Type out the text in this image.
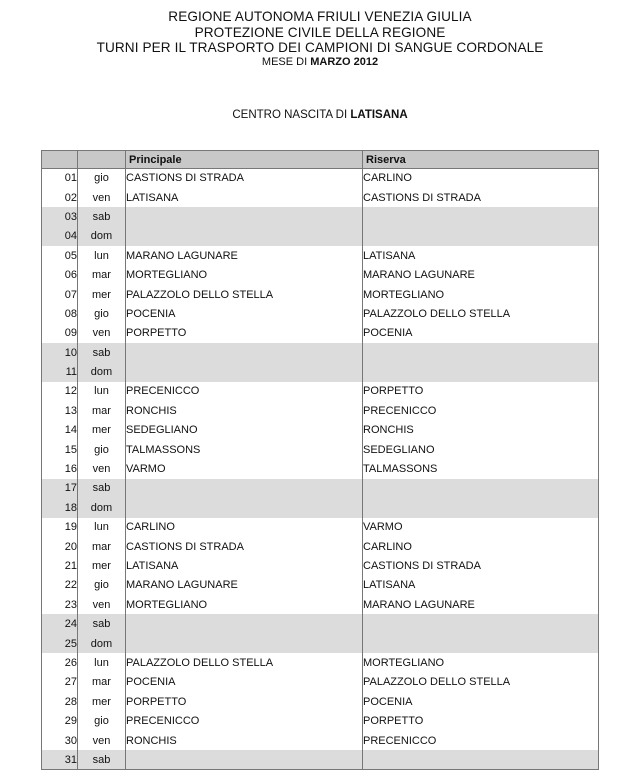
REGIONE AUTONOMA FRIULI VENEZIA GIULIA
PROTEZIONE CIVILE DELLA REGIONE
TURNI PER IL TRASPORTO DEI CAMPIONI DI SANGUE CORDONALE
MESE DI MARZO 2012
CENTRO NASCITA DI LATISANA
		Principale	Riserva
01	gio	CASTIONS DI STRADA	CARLINO
02	ven	LATISANA	CASTIONS DI STRADA
03	sab		
04	dom		
05	lun	MARANO LAGUNARE	LATISANA
06	mar	MORTEGLIANO	MARANO LAGUNARE
07	mer	PALAZZOLO DELLO STELLA	MORTEGLIANO
08	gio	POCENIA	PALAZZOLO DELLO STELLA
09	ven	PORPETTO	POCENIA
10	sab		
11	dom		
12	lun	PRECENICCO	PORPETTO
13	mar	RONCHIS	PRECENICCO
14	mer	SEDEGLIANO	RONCHIS
15	gio	TALMASSONS	SEDEGLIANO
16	ven	VARMO	TALMASSONS
17	sab		
18	dom		
19	lun	CARLINO	VARMO
20	mar	CASTIONS DI STRADA	CARLINO
21	mer	LATISANA	CASTIONS DI STRADA
22	gio	MARANO LAGUNARE	LATISANA
23	ven	MORTEGLIANO	MARANO LAGUNARE
24	sab		
25	dom		
26	lun	PALAZZOLO DELLO STELLA	MORTEGLIANO
27	mar	POCENIA	PALAZZOLO DELLO STELLA
28	mer	PORPETTO	POCENIA
29	gio	PRECENICCO	PORPETTO
30	ven	RONCHIS	PRECENICCO
31	sab		
